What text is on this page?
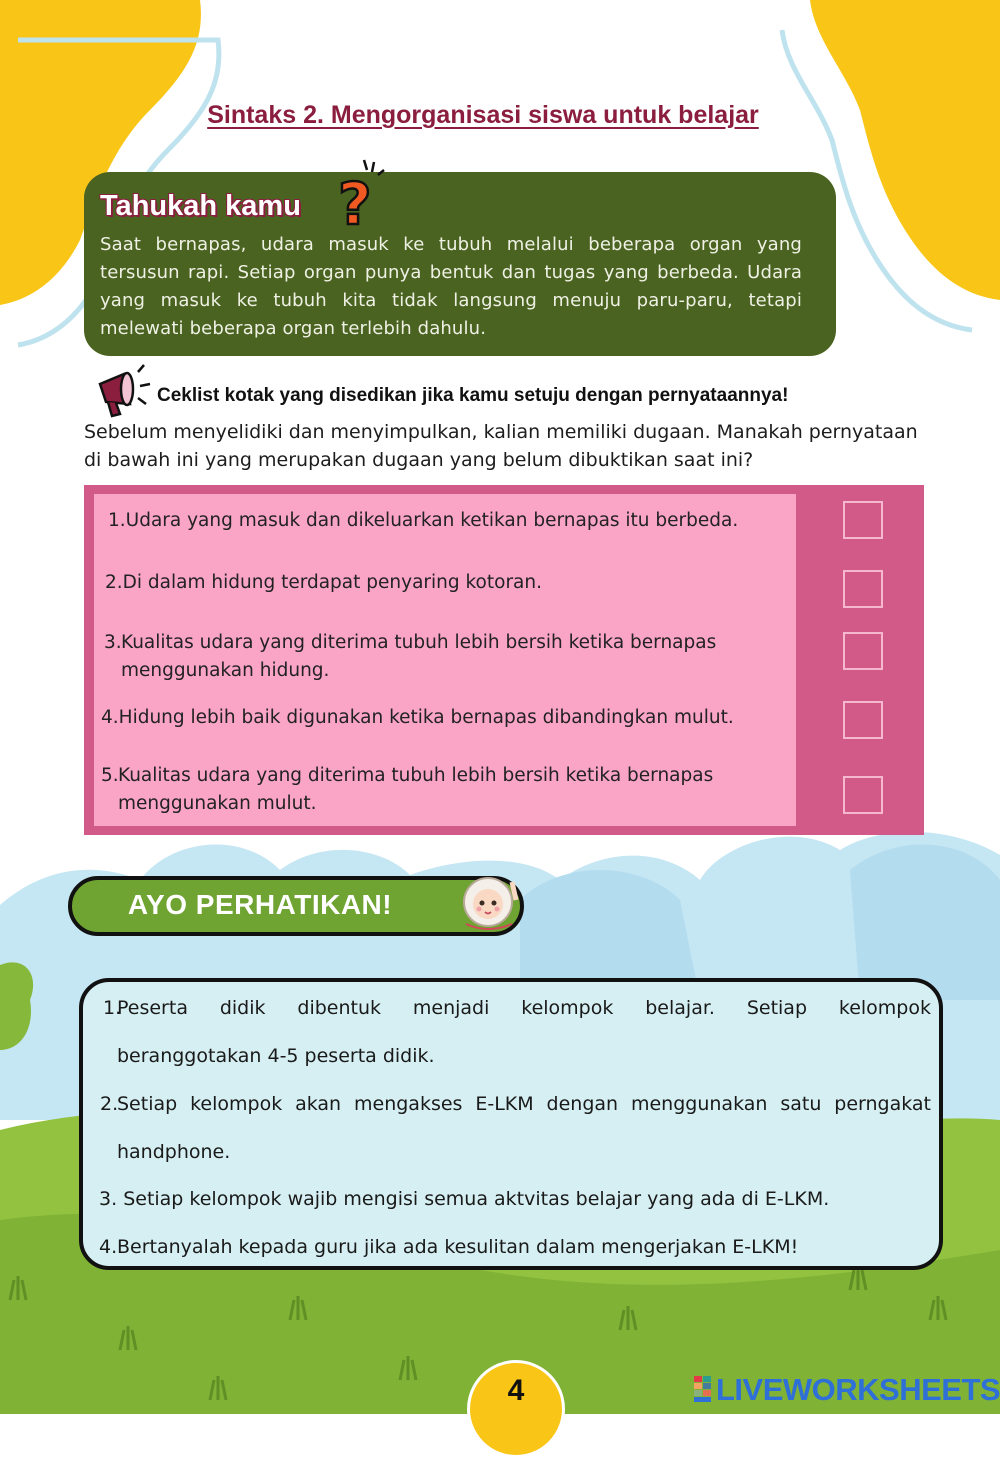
Sintaks 2. Mengorganisasi siswa untuk belajar
Tahukah kamu

Saat bernapas, udara masuk ke tubuh melalui beberapa organ yang tersusun rapi. Setiap organ punya bentuk dan tugas yang berbeda. Udara yang masuk ke tubuh kita tidak langsung menuju paru-paru, tetapi melewati beberapa organ terlebih dahulu.

?
Ceklist kotak yang disedikan jika kamu setuju dengan pernyataannya!

Sebelum menyelidiki dan menyimpulkan, kalian memiliki dugaan. Manakah pernyataan di bawah ini yang merupakan dugaan yang belum dibuktikan saat ini?

1.Udara yang masuk dan dikeluarkan ketikan bernapas itu berbeda.

2.Di dalam hidung terdapat penyaring kotoran.

3. Kualitas udara yang diterima tubuh lebih bersih ketika bernapas menggunakan hidung.

4.Hidung lebih baik digunakan ketika bernapas dibandingkan mulut.

5. Kualitas udara yang diterima tubuh lebih bersih ketika bernapas menggunakan mulut.

AYO PERHATIKAN!
1.

Peserta didik dibentuk menjadi kelompok belajar. Setiap kelompok

beranggotakan 4-5 peserta didik.

2.

Setiap kelompok akan mengakses E-LKM dengan menggunakan satu perngakat

handphone.

3. Setiap kelompok wajib mengisi semua aktvitas belajar yang ada di E-LKM.

4. Bertanyalah kepada guru jika ada kesulitan dalam mengerjakan E-LKM!

4	LIVEWORKSHEETS
